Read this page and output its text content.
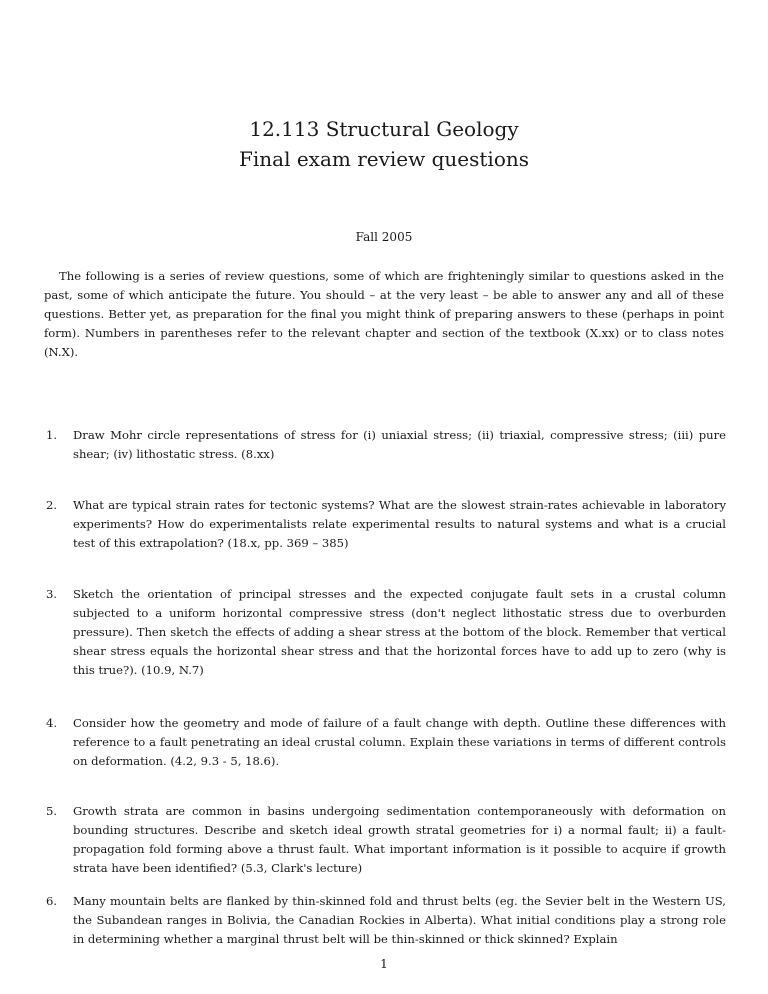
12.113 Structural Geology

Final exam review questions

Fall 2005

The following is a series of review questions, some of which are frighteningly similar to questions asked in the past, some of which anticipate the future. You should – at the very least – be able to answer any and all of these questions. Better yet, as preparation for the final you might think of preparing answers to these (perhaps in point form). Numbers in parentheses refer to the relevant chapter and section of the textbook (X.xx) or to class notes (N.X).

1.	Draw Mohr circle representations of stress for (i) uniaxial stress; (ii) triaxial, compressive stress; (iii) pure shear; (iv) lithostatic stress. (8.xx)
2.	What are typical strain rates for tectonic systems? What are the slowest strain-rates achievable in laboratory experiments? How do experimentalists relate experimental results to natural systems and what is a crucial test of this extrapolation? (18.x, pp. 369 – 385)
3.	Sketch the orientation of principal stresses and the expected conjugate fault sets in a crustal column subjected to a uniform horizontal compressive stress (don't neglect lithostatic stress due to overburden pressure). Then sketch the effects of adding a shear stress at the bottom of the block. Remember that vertical shear stress equals the horizontal shear stress and that the horizontal forces have to add up to zero (why is this true?). (10.9, N.7)
4.	Consider how the geometry and mode of failure of a fault change with depth. Outline these differences with reference to a fault penetrating an ideal crustal column. Explain these variations in terms of different controls on deformation. (4.2, 9.3 - 5, 18.6).
5.	Growth strata are common in basins undergoing sedimentation contemporaneously with deformation on bounding structures. Describe and sketch ideal growth stratal geometries for i) a normal fault; ii) a fault-propagation fold forming above a thrust fault. What important information is it possible to acquire if growth strata have been identified? (5.3, Clark's lecture)
6.	Many mountain belts are flanked by thin-skinned fold and thrust belts (eg. the Sevier belt in the Western US, the Subandean ranges in Bolivia, the Canadian Rockies in Alberta). What initial conditions play a strong role in determining whether a marginal thrust belt will be thin-skinned or thick skinned? Explain
1
